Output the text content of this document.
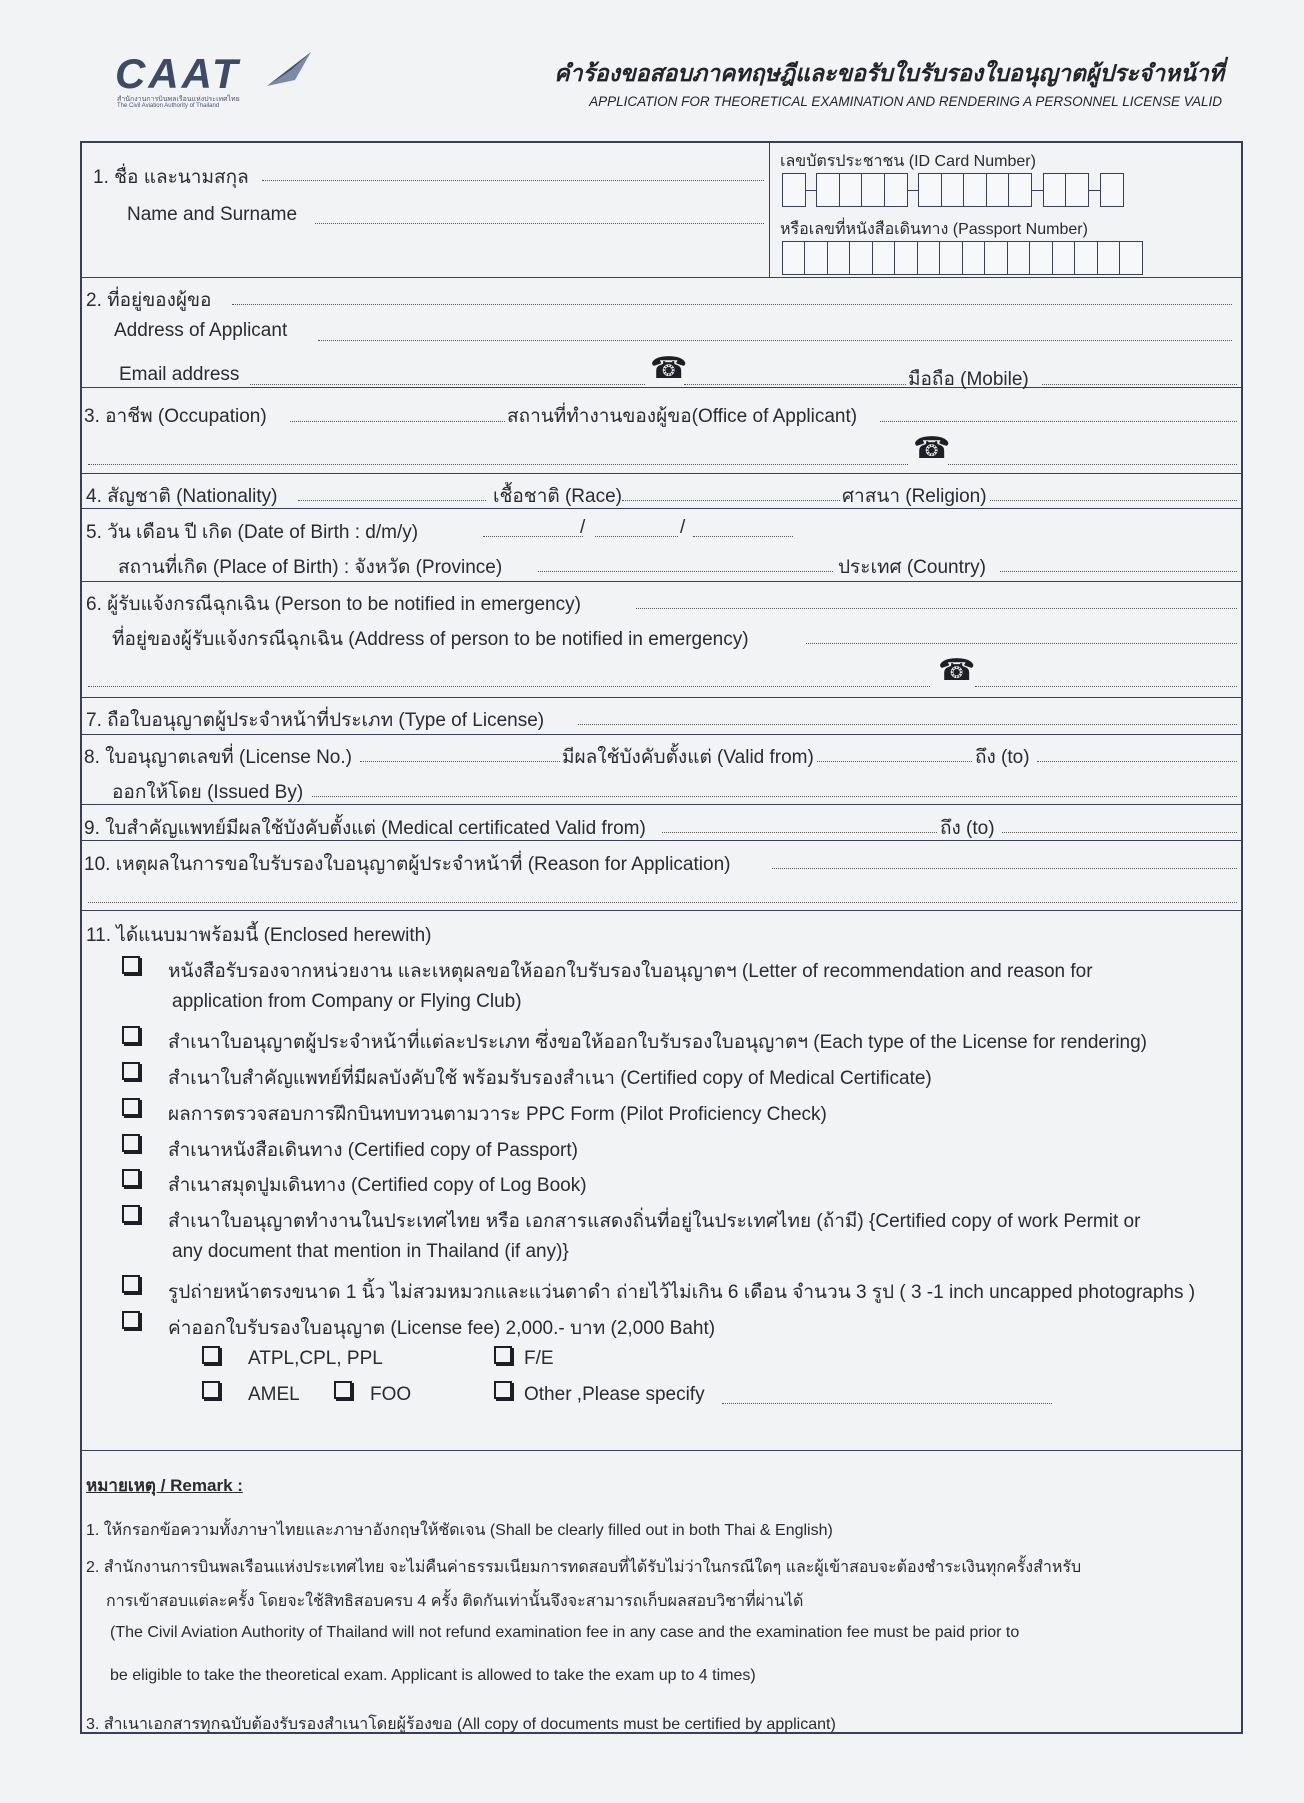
CAAT
สำนักงานการบินพลเรือนแห่งประเทศไทย
The Civil Aviation Authority of Thailand
คำร้องขอสอบภาคทฤษฎีและขอรับใบรับรองใบอนุญาตผู้ประจำหน้าที่
APPLICATION FOR THEORETICAL EXAMINATION AND RENDERING A PERSONNEL LICENSE VALID
1. ชื่อ และนามสกุล
Name and Surname
เลขบัตรประชาชน (ID Card Number)
หรือเลขที่หนังสือเดินทาง (Passport Number)
2. ที่อยู่ของผู้ขอ
Address of Applicant
Email address	☎	มือถือ (Mobile)
3. อาชีพ (Occupation)	สถานที่ทำงานของผู้ขอ(Office of Applicant)
☎
4. สัญชาติ (Nationality)	เชื้อชาติ (Race)	ศาสนา (Religion)
5. วัน เดือน ปี เกิด (Date of Birth : d/m/y)	/	/
สถานที่เกิด (Place of Birth) : จังหวัด (Province)	ประเทศ (Country)
6. ผู้รับแจ้งกรณีฉุกเฉิน (Person to be notified in emergency)
ที่อยู่ของผู้รับแจ้งกรณีฉุกเฉิน (Address of person to be notified in emergency)
☎
7. ถือใบอนุญาตผู้ประจำหน้าที่ประเภท (Type of License)
8. ใบอนุญาตเลขที่ (License No.)	มีผลใช้บังคับตั้งแต่ (Valid from)	ถึง (to)
ออกให้โดย (Issued By)
9. ใบสำคัญแพทย์มีผลใช้บังคับตั้งแต่ (Medical certificated Valid from)	ถึง (to)
10. เหตุผลในการขอใบรับรองใบอนุญาตผู้ประจำหน้าที่ (Reason for Application)
11. ได้แนบมาพร้อมนี้ (Enclosed herewith)
หนังสือรับรองจากหน่วยงาน และเหตุผลขอให้ออกใบรับรองใบอนุญาตฯ (Letter of recommendation and reason for
application from Company or Flying Club)
สำเนาใบอนุญาตผู้ประจำหน้าที่แต่ละประเภท ซึ่งขอให้ออกใบรับรองใบอนุญาตฯ (Each type of the License for rendering)
สำเนาใบสำคัญแพทย์ที่มีผลบังคับใช้ พร้อมรับรองสำเนา (Certified copy of Medical Certificate)
ผลการตรวจสอบการฝึกบินทบทวนตามวาระ PPC Form (Pilot Proficiency Check)
สำเนาหนังสือเดินทาง (Certified copy of Passport)
สำเนาสมุดปูมเดินทาง (Certified copy of Log Book)
สำเนาใบอนุญาตทำงานในประเทศไทย หรือ เอกสารแสดงถิ่นที่อยู่ในประเทศไทย (ถ้ามี) {Certified copy of work Permit or
any document that mention in Thailand (if any)}
รูปถ่ายหน้าตรงขนาด 1 นิ้ว ไม่สวมหมวกและแว่นตาดำ ถ่ายไว้ไม่เกิน 6 เดือน จำนวน 3 รูป ( 3 -1 inch uncapped photographs )
ค่าออกใบรับรองใบอนุญาต (License fee) 2,000.- บาท (2,000 Baht)
ATPL,CPL, PPL	F/E
AMEL	FOO	Other ,Please specify
หมายเหตุ / Remark :
1. ให้กรอกข้อความทั้งภาษาไทยและภาษาอังกฤษให้ชัดเจน (Shall be clearly filled out in both Thai & English)
2. สำนักงานการบินพลเรือนแห่งประเทศไทย จะไม่คืนค่าธรรมเนียมการทดสอบที่ได้รับไม่ว่าในกรณีใดๆ และผู้เข้าสอบจะต้องชำระเงินทุกครั้งสำหรับ
การเข้าสอบแต่ละครั้ง โดยจะใช้สิทธิสอบครบ 4 ครั้ง ติดกันเท่านั้นจึงจะสามารถเก็บผลสอบวิชาที่ผ่านได้
(The Civil Aviation Authority of Thailand will not refund examination fee in any case and the examination fee must be paid prior to
be eligible to take the theoretical exam. Applicant is allowed to take the exam up to 4 times)
3. สำเนาเอกสารทุกฉบับต้องรับรองสำเนาโดยผู้ร้องขอ (All copy of documents must be certified by applicant)
